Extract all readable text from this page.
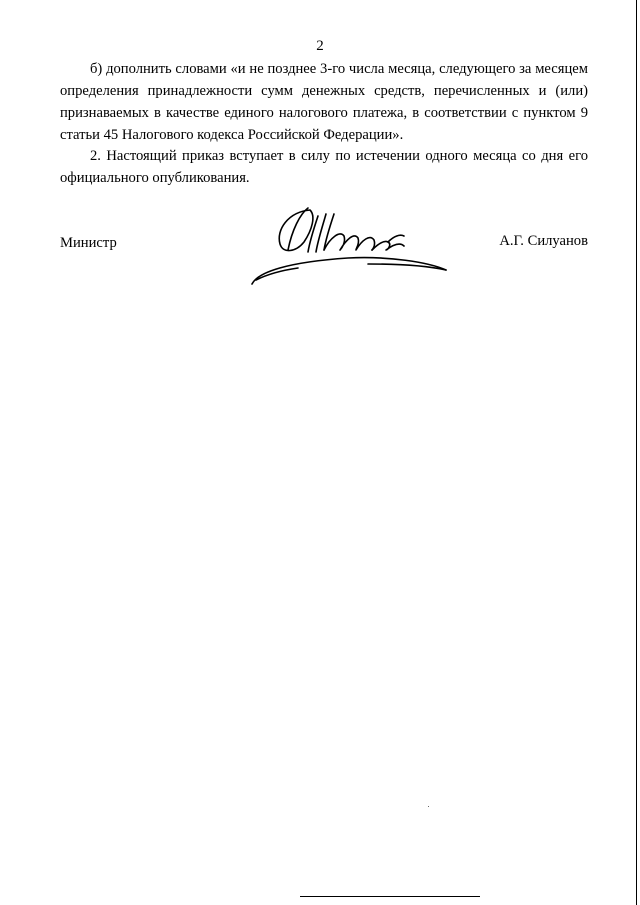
2
б) дополнить словами «и не позднее 3-го числа месяца, следующего за месяцем
определения принадлежности сумм денежных средств, перечисленных и (или)
признаваемых в качестве единого налогового платежа, в соответствии с пунктом 9
статьи 45 Налогового кодекса Российской Федерации».
2. Настоящий приказ вступает в силу по истечении одного месяца со дня его
официального опубликования.
Министр	А.Г. Силуанов
